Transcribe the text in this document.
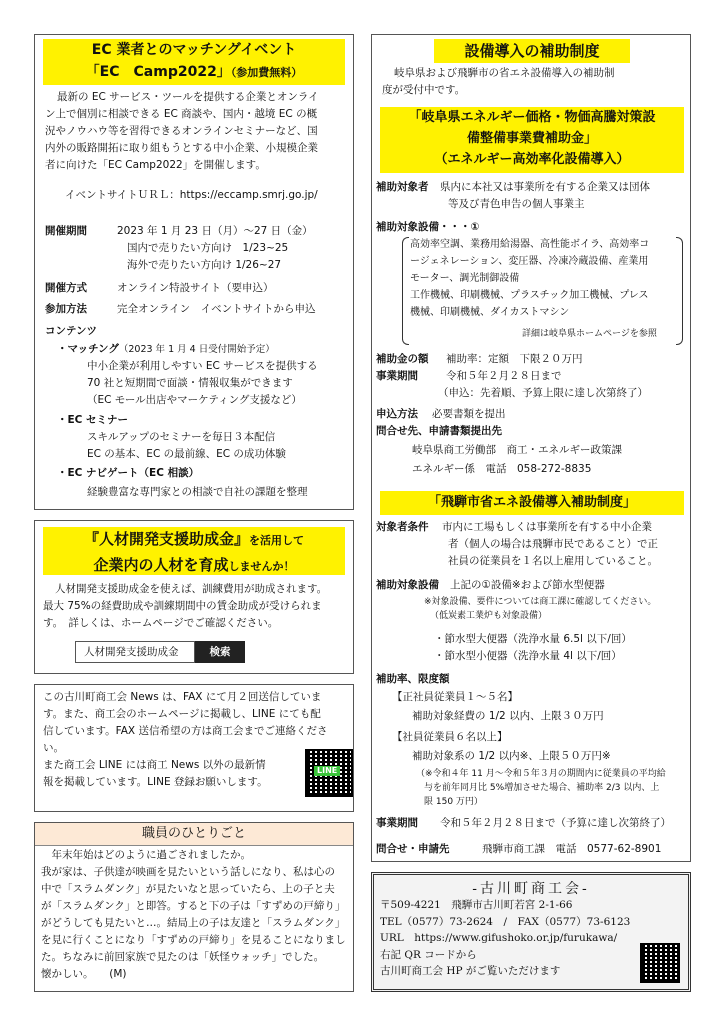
EC 業者とのマッチングイベント
「EC　Camp2022」（参加費無料）
最新の EC サービス・ツールを提供する企業とオンライ
ン上で個別に相談できる EC 商談や、国内・越境 EC の概
況やノウハウ等を習得できるオンラインセミナーなど、国
内外の販路開拓に取り組もうとする中小企業、小規模企業
者に向けた「EC Camp2022」を開催します。
イベントサイトＵＲＬ：https://eccamp.smrj.go.jp/
開催期間	2023 年 1 月 23 日（月）～27 日（金）
国内で売りたい方向け　1/23~25
海外で売りたい方向け 1/26~27
開催方式	オンライン特設サイト（要申込）
参加方法	完全オンライン　イベントサイトから申込
コンテンツ
・マッチング（2023 年 1 月 4 日受付開始予定）
中小企業が利用しやすい EC サービスを提供する
70 社と短期間で面談・情報収集ができます
（EC モール出店やマーケティング支援など）
・EC セミナー
スキルアップのセミナーを毎日３本配信
EC の基本、EC の最前線、EC の成功体験
・EC ナビゲート（EC 相談）
経験豊富な専門家との相談で自社の課題を整理
『人材開発支援助成金』を活用して
企業内の人材を育成しませんか！
人材開発支援助成金を使えば、訓練費用が助成されます。
最大 75%の経費助成や訓練期間中の賃金助成が受けられま
す。　詳しくは、ホームページでご確認ください。
人材開発支援助成金	検索
この古川町商工会 News は、FAX にて月２回送信していま
す。また、商工会のホームページに掲載し、LINE にても配
信しています。FAX 送信希望の方は商工会までご連絡くださ
い。
また商工会 LINE には商工 News 以外の最新情
報を掲載しています。LINE 登録お願いします。
LINE
職員のひとりごと
　年末年始はどのように過ごされましたか。
我が家は、子供達が映画を見たいという話しになり、私は心の
中で「スラムダンク」が見たいなと思っていたら、上の子と夫
が「スラムダンク」と即答。すると下の子は「すずめの戸締り」
がどうしても見たいと…。結局上の子は友達と「スラムダンク」
を見に行くことになり「すずめの戸締り」を見ることになりまし
た。ちなみに前回家族で見たのは「妖怪ウォッチ」でした。
懐かしい。　　(M)
設備導入の補助制度
岐阜県および飛騨市の省エネ設備導入の補助制
度が受付中です。
「岐阜県エネルギー価格・物価高騰対策設
備整備事業費補助金」
（エネルギー高効率化設備導入）
補助対象者 県内に本社又は事業所を有する企業又は団体
等及び青色申告の個人事業主
補助対象設備・・・①
高効率空調、業務用給湯器、高性能ボイラ、高効率コ
ージェネレーション、変圧器、冷凍冷蔵設備、産業用
モーター、調光制御設備
工作機械、印刷機械、プラスチック加工機械、プレス
機械、印刷機械、ダイカストマシン
詳細は岐阜県ホームページを参照
補助金の額 補助率：定額　下限２０万円
事業期間	令和５年２月２８日まで
（申込：先着順、予算上限に達し次第終了）
申込方法 必要書類を提出
問合せ先、申請書類提出先
岐阜県商工労働部　商工・エネルギー政策課
エネルギー係　電話　058-272-8835
「飛騨市省エネ設備導入補助制度」
対象者条件 市内に工場もしくは事業所を有する中小企業
者（個人の場合は飛騨市民であること）で正
社員の従業員を１名以上雇用していること。
補助対象設備 上記の①設備※および節水型便器
※対象設備、要件については商工課に確認してください。
（低炭素工業炉も対象設備）
・節水型大便器（洗浄水量 6.5l 以下/回）
・節水型小便器（洗浄水量 4l 以下/回）
補助率、限度額
【正社員従業員１～５名】
補助対象経費の 1/2 以内、上限３０万円
【社員従業員６名以上】
補助対象系の 1/2 以内※、上限５０万円※
（※令和４年 11 月～令和５年３月の期間内に従業員の平均給
与を前年同月比 5%増加させた場合、補助率 2/3 以内、上
限 150 万円）
事業期間 令和５年２月２８日まで（予算に達し次第終了）
問合せ・申請先	飛騨市商工課　電話　0577-62-8901
-古川町商工会-
〒509-4221　飛騨市古川町若宮 2-1-66
TEL（0577）73-2624　/　FAX（0577）73-6123
URL　https://www.gifushoko.or.jp/furukawa/
右記 QR コードから
古川町商工会 HP がご覧いただけます
